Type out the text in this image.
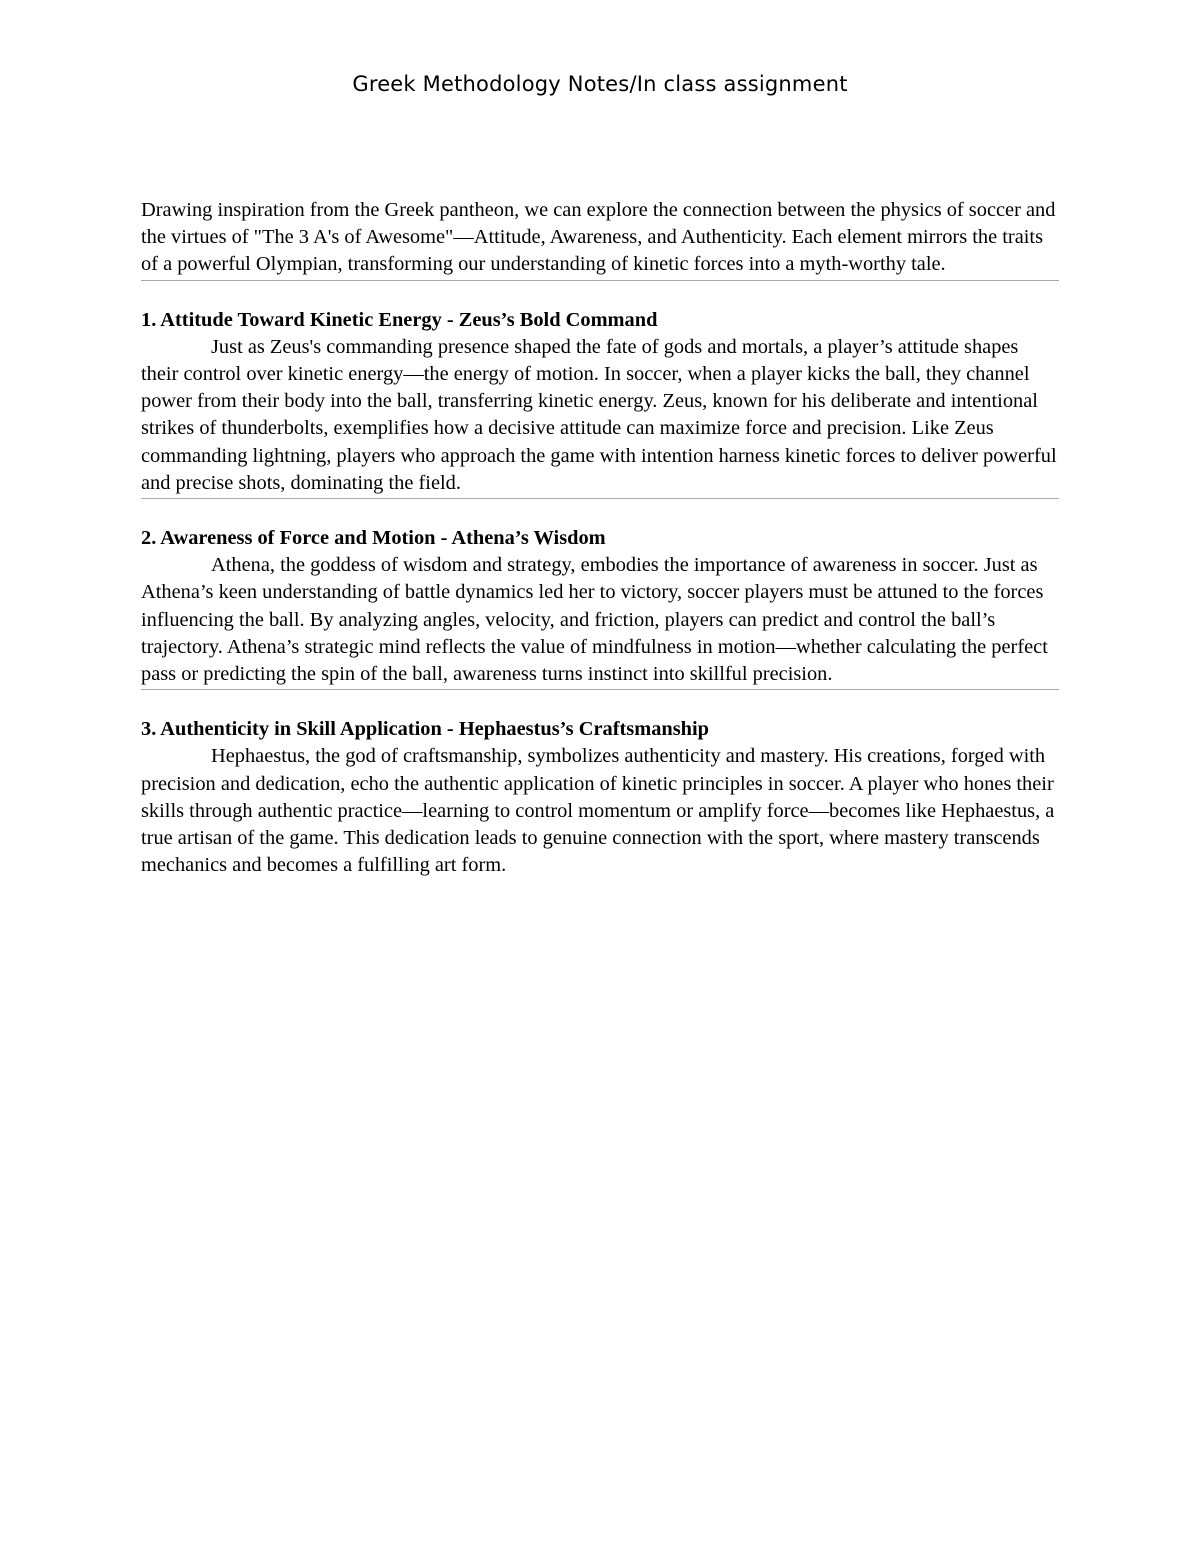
Greek Methodology Notes/In class assignment

Drawing inspiration from the Greek pantheon, we can explore the connection between the physics of soccer and the virtues of "The 3 A's of Awesome"—Attitude, Awareness, and Authenticity. Each element mirrors the traits of a powerful Olympian, transforming our understanding of kinetic forces into a myth-worthy tale.

1. Attitude Toward Kinetic Energy - Zeus’s Bold Command

Just as Zeus's commanding presence shaped the fate of gods and mortals, a player’s attitude shapes their control over kinetic energy—the energy of motion. In soccer, when a player kicks the ball, they channel power from their body into the ball, transferring kinetic energy. Zeus, known for his deliberate and intentional strikes of thunderbolts, exemplifies how a decisive attitude can maximize force and precision. Like Zeus commanding lightning, players who approach the game with intention harness kinetic forces to deliver powerful and precise shots, dominating the field.

2. Awareness of Force and Motion - Athena’s Wisdom

Athena, the goddess of wisdom and strategy, embodies the importance of awareness in soccer. Just as Athena’s keen understanding of battle dynamics led her to victory, soccer players must be attuned to the forces influencing the ball. By analyzing angles, velocity, and friction, players can predict and control the ball’s trajectory. Athena’s strategic mind reflects the value of mindfulness in motion—whether calculating the perfect pass or predicting the spin of the ball, awareness turns instinct into skillful precision.

3. Authenticity in Skill Application - Hephaestus’s Craftsmanship

Hephaestus, the god of craftsmanship, symbolizes authenticity and mastery. His creations, forged with precision and dedication, echo the authentic application of kinetic principles in soccer. A player who hones their skills through authentic practice—learning to control momentum or amplify force—becomes like Hephaestus, a true artisan of the game. This dedication leads to genuine connection with the sport, where mastery transcends mechanics and becomes a fulfilling art form.
